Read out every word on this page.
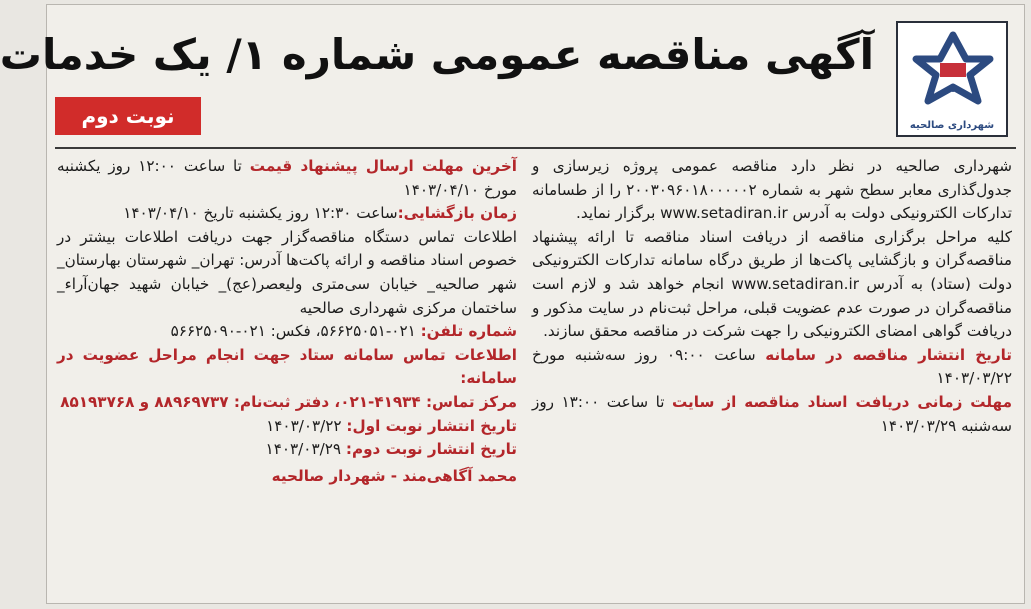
شهرداری صالحیه
آگهی مناقصه عمومی شماره ۱/ یک خدمات
نوبت دوم

شهرداری صالحیه در نظر دارد مناقصه عمومی پروژه زیرسازی و جدول‌گذاری معابر سطح شهر به شماره ۲۰۰۳۰۹۶۰۱۸۰۰۰۰۰۲ را از طسامانه تدارکات الکترونیکی دولت به آدرس www.setadiran.ir برگزار نماید.

کلیه مراحل برگزاری مناقصه از دریافت اسناد مناقصه تا ارائه پیشنهاد مناقصه‌گران و بازگشایی پاکت‌ها از طریق درگاه سامانه تدارکات الکترونیکی دولت (ستاد) به آدرس www.setadiran.ir انجام خواهد شد و لازم است مناقصه‌گران در صورت عدم عضویت قبلی، مراحل ثبت‌نام در سایت مذکور و دریافت گواهی امضای الکترونیکی را جهت شرکت در مناقصه محقق سازند.

تاریخ انتشار مناقصه در سامانه ساعت ۰۹:۰۰ روز سه‌شنبه مورخ ۱۴۰۳/۰۳/۲۲

مهلت زمانی دریافت اسناد مناقصه از سایت تا ساعت ۱۳:۰۰ روز سه‌شنبه ۱۴۰۳/۰۳/۲۹

آخرین مهلت ارسال پیشنهاد قیمت تا ساعت ۱۲:۰۰ روز یکشنبه مورخ ۱۴۰۳/۰۴/۱۰

زمان بازگشایی:ساعت ۱۲:۳۰ روز یکشنبه تاریخ ۱۴۰۳/۰۴/۱۰

اطلاعات تماس دستگاه مناقصه‌گزار جهت دریافت اطلاعات بیشتر در خصوص اسناد مناقصه و ارائه پاکت‌ها آدرس: تهران_ شهرستان بهارستان_ شهر صالحیه_ خیابان سی‌متری ولیعصر(عج)_ خیابان شهید جهان‌آراء_ ساختمان مرکزی شهرداری صالحیه

شماره تلفن: ۰۲۱-۵۶۶۲۵۰۵۱، فکس: ۰۲۱-۵۶۶۲۵۰۹۰

اطلاعات تماس سامانه ستاد جهت انجام مراحل عضویت در سامانه:

مرکز تماس: ۴۱۹۳۴-۰۲۱، دفتر ثبت‌نام: ۸۸۹۶۹۷۳۷ و ۸۵۱۹۳۷۶۸

تاریخ انتشار نوبت اول: ۱۴۰۳/۰۳/۲۲

تاریخ انتشار نوبت دوم: ۱۴۰۳/۰۳/۲۹

محمد آگاهی‌مند - شهردار صالحیه
